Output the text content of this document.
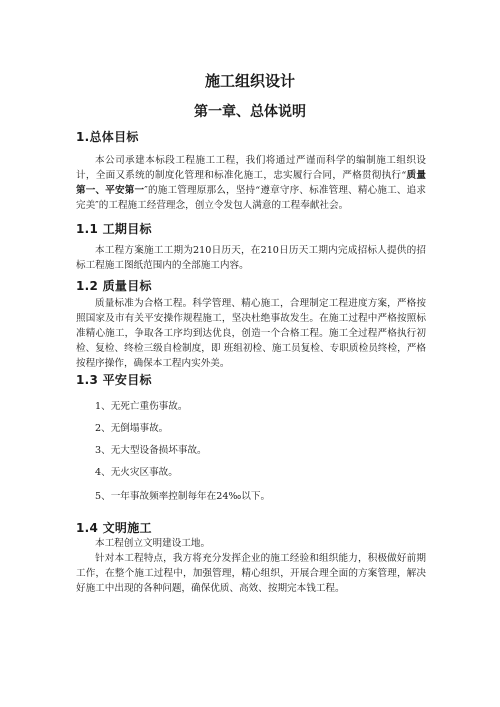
施工组织设计
第一章、总体说明
1.总体目标

本公司承建本标段工程施工工程，我们将通过严谨而科学的编制施工组织设计，全面又系统的制度化管理和标准化施工，忠实履行合同，严格贯彻执行“质量第一、平安第一″的施工管理原那么，坚持“遵章守序、标准管理、精心施工、追求完美″的工程施工经营理念，创立令发包人满意的工程奉献社会。

1.1 工期目标

本工程方案施工工期为210日历天，在210日历天工期内完成招标人提供的招标工程施工图纸范围内的全部施工内容。

1.2 质量目标

质量标准为合格工程。科学管理、精心施工，合理制定工程进度方案，严格按照国家及市有关平安操作规程施工，坚决杜绝事故发生。在施工过程中严格按照标准精心施工，争取各工序均到达优良，创造一个合格工程。施工全过程严格执行初检、复检、终检三级自检制度，即 班组初检、施工员复检、专职质检员终检，严格按程序操作，确保本工程内实外美。

1.3 平安目标
1、无死亡重伤事故。
2、无倒塌事故。
3、无大型设备损坏事故。
4、无火灾区事故。
5、一年事故频率控制每年在24‰以下。
1.4 文明施工

本工程创立文明建设工地。

针对本工程特点，我方将充分发挥企业的施工经验和组织能力，积极做好前期工作，在整个施工过程中，加强管理，精心组织，开展合理全面的方案管理，解决好施工中出现的各种问题，确保优质、高效、按期完本钱工程。
